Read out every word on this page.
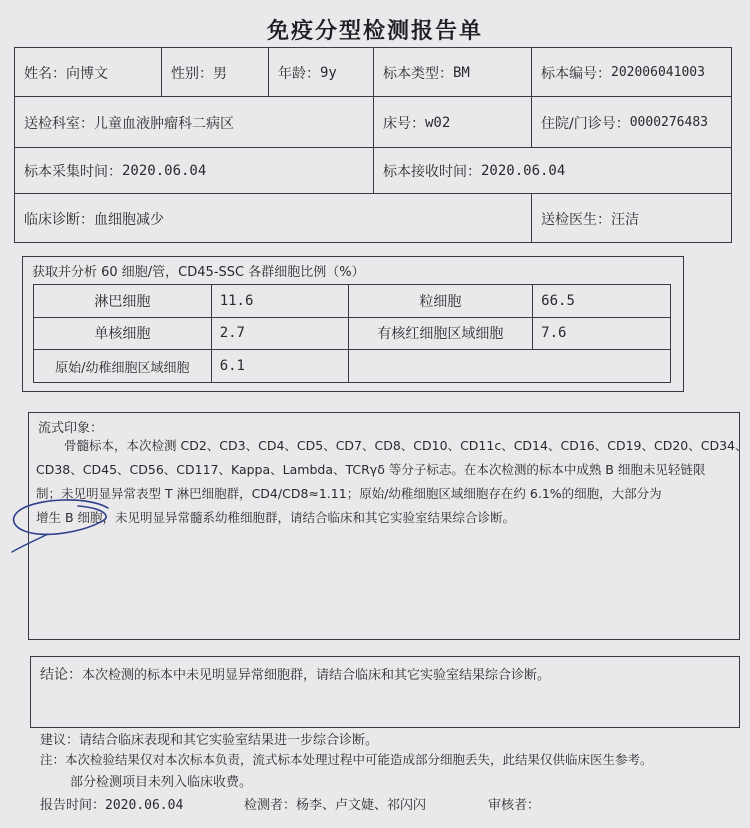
免疫分型检测报告单
姓名： 向博文	性别： 男	年龄： 9y	标本类型： BM	标本编号： 202006041003
送检科室： 儿童血液肿瘤科二病区	床号： w02	住院/门诊号： 0000276483
标本采集时间： 2020.06.04	标本接收时间： 2020.06.04
临床诊断： 血细胞减少	送检医生： 汪洁
获取并分析 60 细胞/管，CD45-SSC 各群细胞比例（%）
淋巴细胞	11.6	粒细胞	66.5
单核细胞	2.7	有核红细胞区域细胞	7.6
原始/幼稚细胞区域细胞	6.1		
流式印象：
骨髓标本，本次检测 CD2、CD3、CD4、CD5、CD7、CD8、CD10、CD11c、CD14、CD16、CD19、CD20、CD34、
CD38、CD45、CD56、CD117、Kappa、Lambda、TCRγδ 等分子标志。在本次检测的标本中成熟 B 细胞未见轻链限
制；未见明显异常表型 T 淋巴细胞群，CD4/CD8≈1.11；原始/幼稚细胞区域细胞存在约 6.1%的细胞，大部分为
增生 B 细胞，未见明显异常髓系幼稚细胞群，请结合临床和其它实验室结果综合诊断。
结论：本次检测的标本中未见明显异常细胞群，请结合临床和其它实验室结果综合诊断。
建议：请结合临床表现和其它实验室结果进一步综合诊断。
注：本次检验结果仅对本次标本负责，流式标本处理过程中可能造成部分细胞丢失，此结果仅供临床医生参考。
部分检测项目未列入临床收费。
报告时间：2020.06.04	检测者：杨李、卢文婕、祁闪闪	审核者：
